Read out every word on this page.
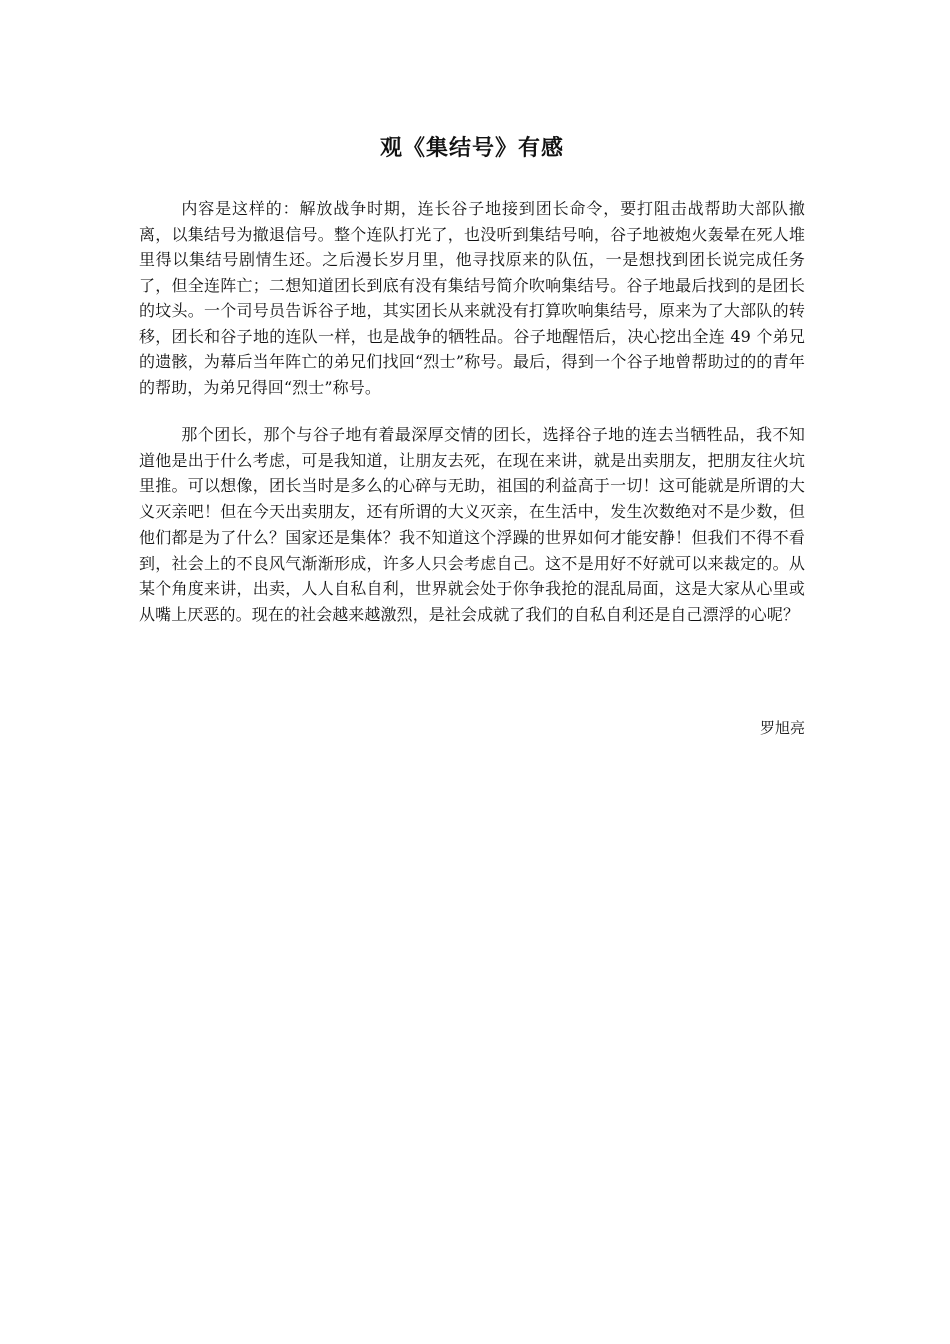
观《集结号》有感

内容是这样的：解放战争时期，连长谷子地接到团长命令，要打阻击战帮助大部队撤离，以集结号为撤退信号。整个连队打光了，也没听到集结号响，谷子地被炮火轰晕在死人堆里得以集结号剧情生还。之后漫长岁月里，他寻找原来的队伍，一是想找到团长说完成任务了，但全连阵亡；二想知道团长到底有没有集结号简介吹响集结号。谷子地最后找到的是团长的坟头。一个司号员告诉谷子地，其实团长从来就没有打算吹响集结号，原来为了大部队的转移，团长和谷子地的连队一样，也是战争的牺牲品。谷子地醒悟后，决心挖出全连 49 个弟兄的遗骸，为幕后当年阵亡的弟兄们找回“烈士”称号。最后，得到一个谷子地曾帮助过的的青年的帮助，为弟兄得回“烈士”称号。

那个团长，那个与谷子地有着最深厚交情的团长，选择谷子地的连去当牺牲品，我不知道他是出于什么考虑，可是我知道，让朋友去死，在现在来讲，就是出卖朋友，把朋友往火坑里推。可以想像，团长当时是多么的心碎与无助，祖国的利益高于一切！这可能就是所谓的大义灭亲吧！但在今天出卖朋友，还有所谓的大义灭亲，在生活中，发生次数绝对不是少数，但他们都是为了什么？国家还是集体？我不知道这个浮躁的世界如何才能安静！但我们不得不看到，社会上的不良风气渐渐形成，许多人只会考虑自己。这不是用好不好就可以来裁定的。从某个角度来讲，出卖，人人自私自利，世界就会处于你争我抢的混乱局面，这是大家从心里或从嘴上厌恶的。现在的社会越来越激烈，是社会成就了我们的自私自利还是自己漂浮的心呢？

罗旭亮
